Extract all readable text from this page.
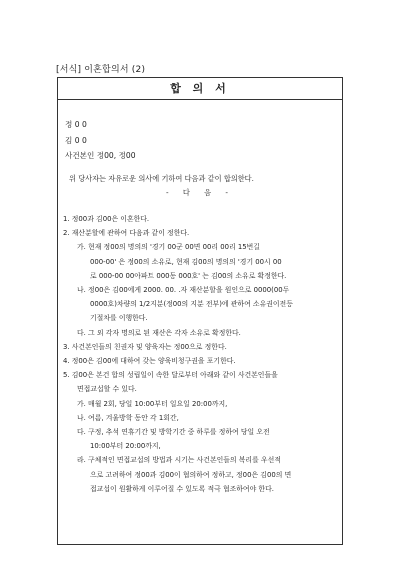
[서식] 이혼합의서 (2)
합 의 서
정 0 0
김 0 0
사건본인 정00, 정00
위 당사자는 자유로운 의사에 기하여 다음과 같이 합의한다.
- 다 음 -
1. 정00과 김00은 이혼한다.
2. 재산분할에 관하여 다음과 같이 정한다.
가. 현재 정00의 명의의 '경기 00군 00면 00리 00리 15번길
000-00' 은 정00의 소유로, 현재 김00의 명의의 '경기 00시 00
로 000-00 00아파트 000동 000호' 는 김00의 소유로 확정한다.
나. 정00은 김00에게 2000. 00. .자 재산분할을 원인으로 0000(00두
0000호)차량의 1/2지분(정00의 지분 전부)에 관하여 소유권이전등
기절차를 이행한다.
다. 그 외 각자 명의로 된 재산은 각자 소유로 확정한다.
3. 사건본인들의 친권자 및 양육자는 정00으로 정한다.
4. 정00은 김00에 대하여 갖는 양육비청구권을 포기한다.
5. 김00은 본건 합의 성립일이 속한 달로부터 아래와 같이 사건본인들을
면접교섭할 수 있다.
가. 매월 2회, 당일 10:00부터 일요일 20:00까지,
나. 여름, 겨울방학 동안 각 1회간,
다. 구정, 추석 연휴기간 및 방학기간 중 하루를 정하여 당일 오전
10:00부터 20:00까지,
라. 구체적인 면접교섭의 방법과 시기는 사건본인들의 복리를 우선적
으로 고려하여 정00과 김00이 협의하여 정하고, 정00은 김00의 면
접교섭이 원활하게 이루어질 수 있도록 적극 협조하여야 한다.
